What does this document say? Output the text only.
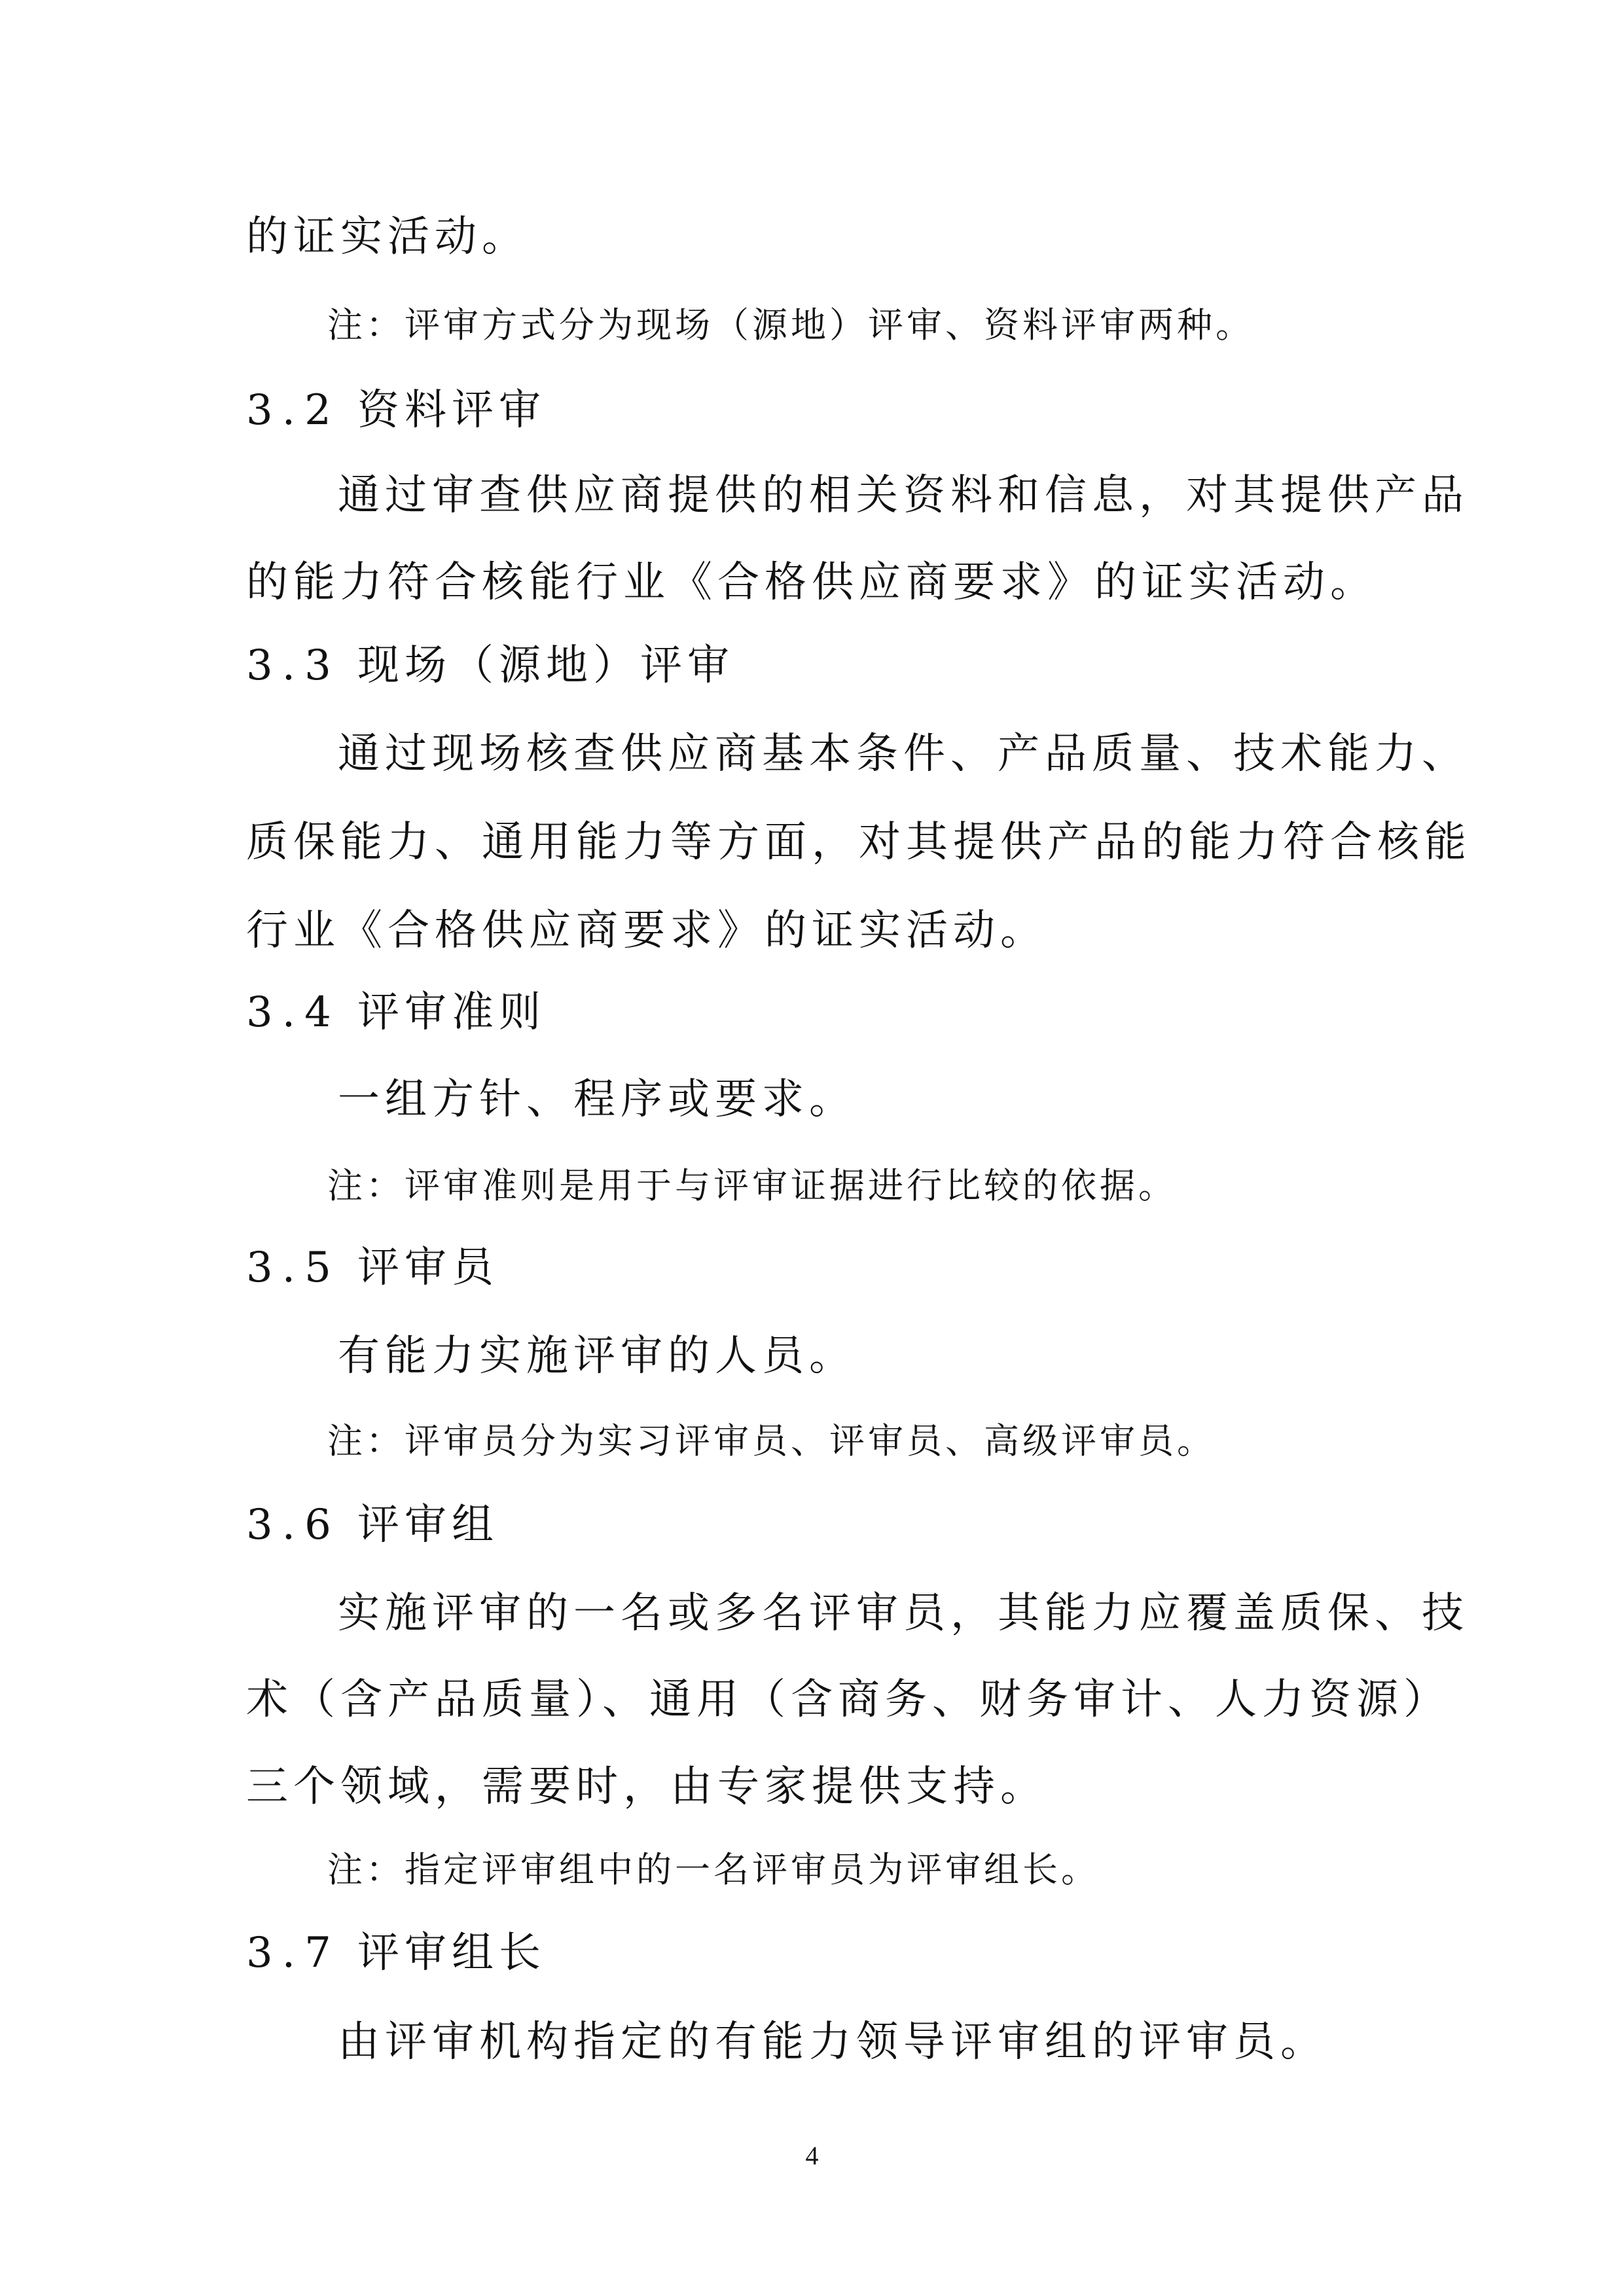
的证实活动。
注：评审方式分为现场（源地）评审、资料评审两种。
3.2 资料评审
通过审查供应商提供的相关资料和信息，对其提供产品
的能力符合核能行业《合格供应商要求》的证实活动。
3.3 现场（源地）评审
通过现场核查供应商基本条件、产品质量、技术能力、
质保能力、通用能力等方面，对其提供产品的能力符合核能
行业《合格供应商要求》的证实活动。
3.4 评审准则
一组方针、程序或要求。
注：评审准则是用于与评审证据进行比较的依据。
3.5 评审员
有能力实施评审的人员。
注：评审员分为实习评审员、评审员、高级评审员。
3.6 评审组
实施评审的一名或多名评审员，其能力应覆盖质保、技
术（含产品质量）、通用（含商务、财务审计、人力资源）
三个领域，需要时，由专家提供支持。
注：指定评审组中的一名评审员为评审组长。
3.7 评审组长
由评审机构指定的有能力领导评审组的评审员。
4
